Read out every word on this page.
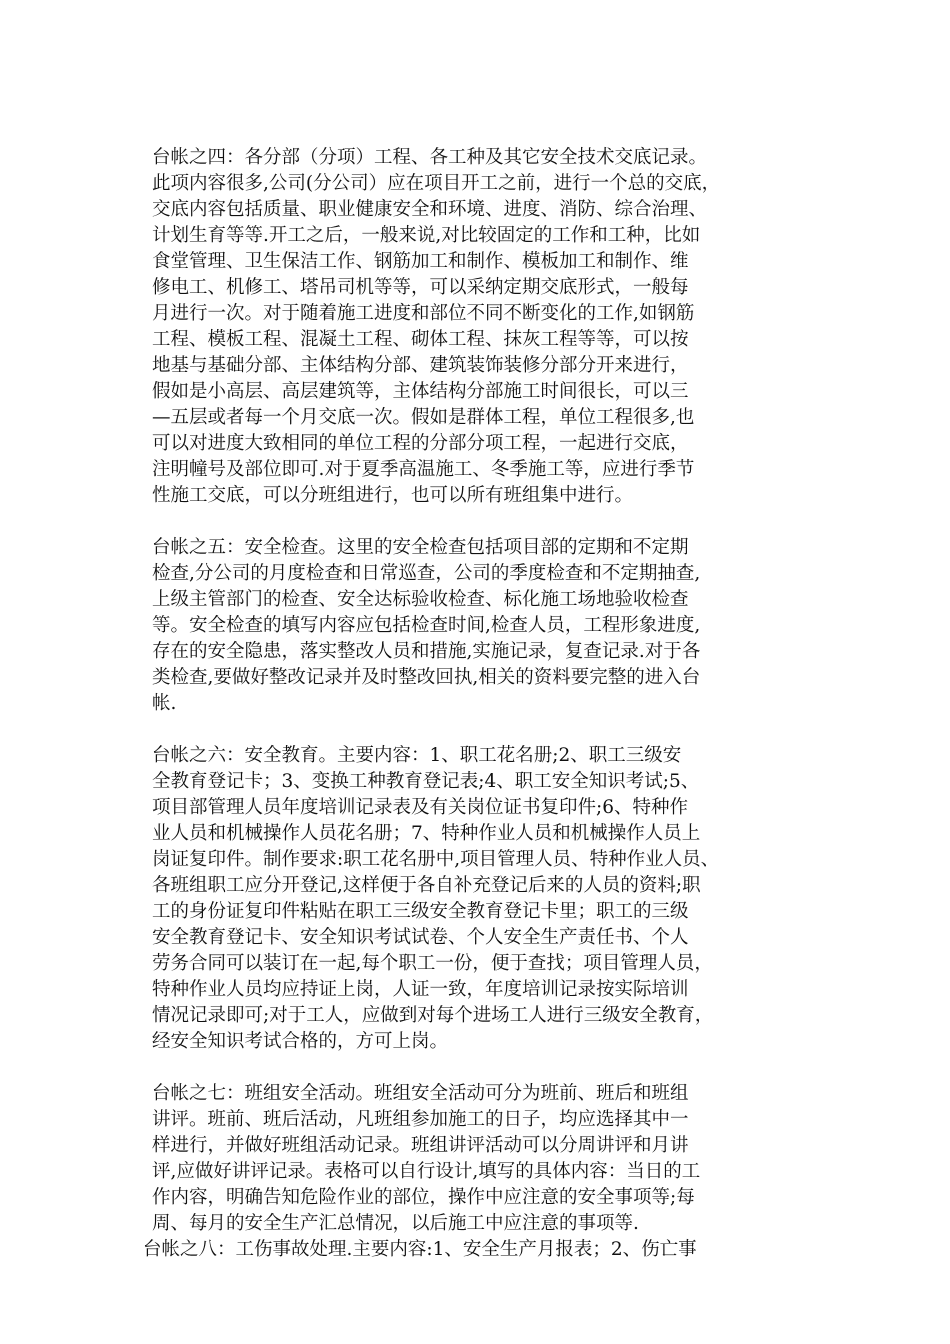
台帐之四：各分部（分项）工程、各工种及其它安全技术交底记录。
此项内容很多,公司(分公司）应在项目开工之前，进行一个总的交底，
交底内容包括质量、职业健康安全和环境、进度、消防、综合治理、
计划生育等等.开工之后，一般来说,对比较固定的工作和工种，比如
食堂管理、卫生保洁工作、钢筋加工和制作、模板加工和制作、维
修电工、机修工、塔吊司机等等，可以采纳定期交底形式，一般每
月进行一次。对于随着施工进度和部位不同不断变化的工作,如钢筋
工程、模板工程、混凝土工程、砌体工程、抹灰工程等等，可以按
地基与基础分部、主体结构分部、建筑装饰装修分部分开来进行，
假如是小高层、高层建筑等，主体结构分部施工时间很长，可以三
—五层或者每一个月交底一次。假如是群体工程，单位工程很多,也
可以对进度大致相同的单位工程的分部分项工程，一起进行交底，
注明幢号及部位即可.对于夏季高温施工、冬季施工等，应进行季节
性施工交底，可以分班组进行，也可以所有班组集中进行。
台帐之五：安全检查。这里的安全检查包括项目部的定期和不定期
检查,分公司的月度检查和日常巡查，公司的季度检查和不定期抽查,
上级主管部门的检查、安全达标验收检查、标化施工场地验收检查
等。安全检查的填写内容应包括检查时间,检查人员，工程形象进度,
存在的安全隐患，落实整改人员和措施,实施记录，复查记录.对于各
类检查,要做好整改记录并及时整改回执,相关的资料要完整的进入台
帐.
台帐之六：安全教育。主要内容：1、职工花名册;2、职工三级安
全教育登记卡；3、变换工种教育登记表;4、职工安全知识考试;5、
项目部管理人员年度培训记录表及有关岗位证书复印件;6、特种作
业人员和机械操作人员花名册；7、特种作业人员和机械操作人员上
岗证复印件。制作要求:职工花名册中,项目管理人员、特种作业人员、
各班组职工应分开登记,这样便于各自补充登记后来的人员的资料;职
工的身份证复印件粘贴在职工三级安全教育登记卡里；职工的三级
安全教育登记卡、安全知识考试试卷、个人安全生产责任书、个人
劳务合同可以装订在一起,每个职工一份，便于查找；项目管理人员，
特种作业人员均应持证上岗，人证一致，年度培训记录按实际培训
情况记录即可;对于工人，应做到对每个进场工人进行三级安全教育，
经安全知识考试合格的，方可上岗。
台帐之七：班组安全活动。班组安全活动可分为班前、班后和班组
讲评。班前、班后活动，凡班组参加施工的日子，均应选择其中一
样进行，并做好班组活动记录。班组讲评活动可以分周讲评和月讲
评,应做好讲评记录。表格可以自行设计,填写的具体内容：当日的工
作内容，明确告知危险作业的部位，操作中应注意的安全事项等;每
周、每月的安全生产汇总情况，以后施工中应注意的事项等.
台帐之八：工伤事故处理.主要内容:1、安全生产月报表；2、伤亡事
